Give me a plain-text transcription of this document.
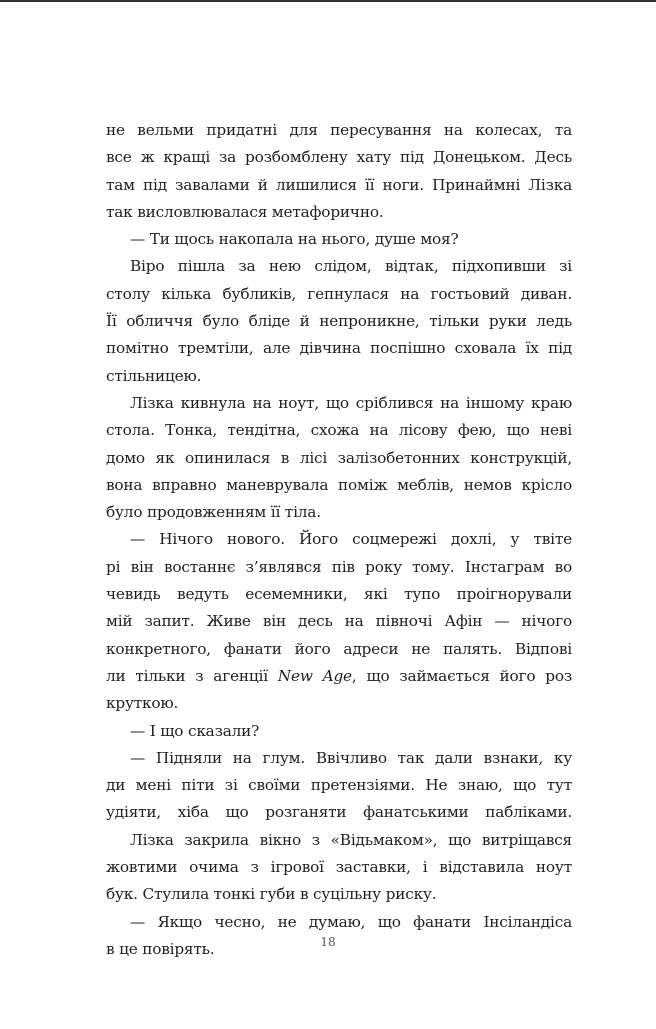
не вельми придатні для пересування на колесах, та
все ж кращі за розбомблену хату під Донецьком. Десь
там під завалами й лишилися її ноги. Принаймні Лізка
так висловлювалася метафорично.
— Ти щось накопала на нього, душе моя?
Віро пішла за нею слідом, відтак, підхопивши зі
столу кілька бубликів, гепнулася на гостьовий диван.
Її обличчя було бліде й непроникне, тільки руки ледь
помітно тремтіли, але дівчина поспішно сховала їх під
стільницею.
Лізка кивнула на ноут, що сріблився на іншому краю
стола. Тонка, тендітна, схожа на лісову фею, що неві
домо як опинилася в лісі залізобетонних конструкцій,
вона вправно маневрувала поміж меблів, немов крісло
було продовженням її тіла.
— Нічого нового. Його соцмережі дохлі, у твіте
рі він востаннє з’являвся пів року тому. Інстаграм во
чевидь ведуть есемемники, які тупо проігнорували
мій запит. Живе він десь на півночі Афін — нічого
конкретного, фанати його адреси не палять. Відпові
ли тільки з агенції New Age, що займається його роз
круткою.
— І що сказали?
— Підняли на глум. Ввічливо так дали взнаки, ку
ди мені піти зі своїми претензіями. Не знаю, що тут
удіяти, хіба що розганяти фанатськими пабліками.
Лізка закрила вікно з «Відьмаком», що витріщався
жовтими очима з ігрової заставки, і відставила ноут
бук. Стулила тонкі губи в суцільну риску.
— Якщо чесно, не думаю, що фанати Інсіландіса
в це повірять.	18
